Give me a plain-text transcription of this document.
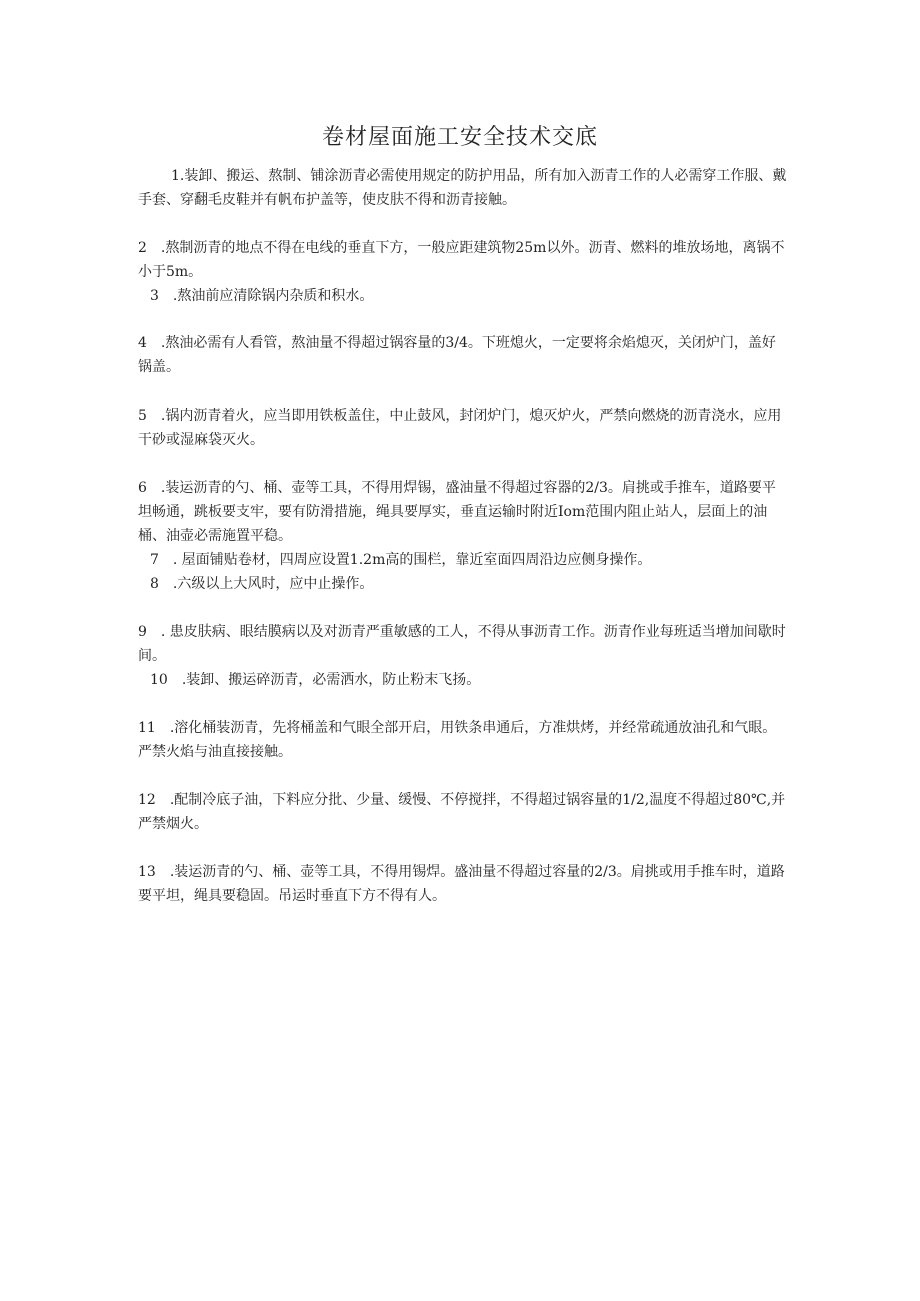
卷材屋面施工安全技术交底
1.装卸、搬运、熬制、铺涂沥青必需使用规定的防护用品，所有加入沥青工作的人必需穿工作服、戴手套、穿翻毛皮鞋并有帆布护盖等，使皮肤不得和沥青接触。
2　.熬制沥青的地点不得在电线的垂直下方，一般应距建筑物25m以外。沥青、燃料的堆放场地，离锅不小于5m。
3　.熬油前应清除锅内杂质和积水。
4　.熬油必需有人看管，熬油量不得超过锅容量的3/4。下班熄火，一定要将余焰熄灭，关闭炉门，盖好锅盖。
5　.锅内沥青着火，应当即用铁板盖住，中止鼓风，封闭炉门，熄灭炉火，严禁向燃烧的沥青浇水，应用干砂或湿麻袋灭火。
6　.装运沥青的勺、桶、壶等工具，不得用焊锡，盛油量不得超过容器的2/3。肩挑或手推车，道路要平坦畅通，跳板要支牢，要有防滑措施，绳具要厚实，垂直运输时附近Iom范围内阻止站人，层面上的油桶、油壶必需施置平稳。
7　. 屋面铺贴卷材，四周应设置1.2m高的围栏，靠近室面四周沿边应侧身操作。
8　.六级以上大风时，应中止操作。
9　. 患皮肤病、眼结膜病以及对沥青严重敏感的工人，不得从事沥青工作。沥青作业每班适当增加间歇时间。
10　.装卸、搬运碎沥青，必需洒水，防止粉末飞扬。
11　.溶化桶装沥青，先将桶盖和气眼全部开启，用铁条串通后，方准烘烤，并经常疏通放油孔和气眼。严禁火焰与油直接接触。
12　.配制冷底子油，下料应分批、少量、缓慢、不停搅拌，不得超过锅容量的1/2,温度不得超过80℃,并严禁烟火。
13　.装运沥青的勺、桶、壶等工具，不得用锡焊。盛油量不得超过容量的2/3。肩挑或用手推车时，道路要平坦，绳具要稳固。吊运时垂直下方不得有人。
